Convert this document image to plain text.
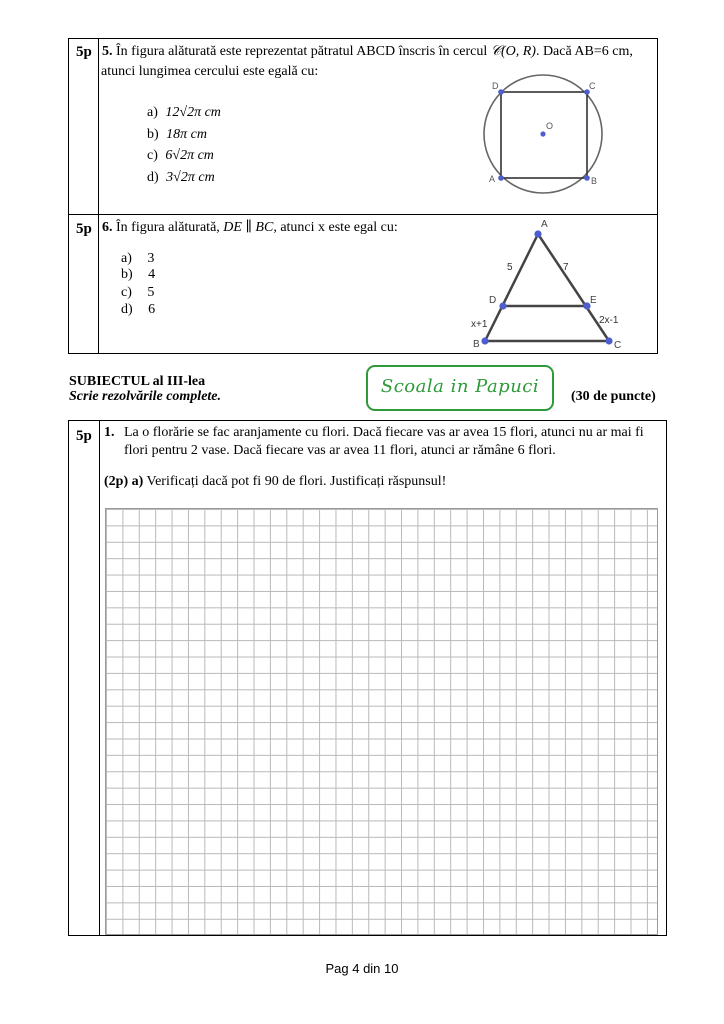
5p 5. În figura alăturată este reprezentat pătratul ABCD înscris în cercul 𝒞(O, R). Dacă AB=6 cm,
atunci lungimea cercului este egală cu:
a) 12√2π cm
b) 18π cm
c) 6√2π cm
d) 3√2π cm	A	B
C
D
O
5p 6. În figura alăturată, DE ∥ BC, atunci x este egal cu:
a) 3
b) 4
c) 5
d) 6
A
B	C
D	E
5	7
x+1	2x-1
SUBIECTUL al III-lea
Scrie rezolvările complete.	(30 de puncte)
Scoala in Papuci
5p 1. La o florărie se fac aranjamente cu flori. Dacă fiecare vas ar avea 15 flori, atunci nu ar mai fi
flori pentru 2 vase. Dacă fiecare vas ar avea 11 flori, atunci ar rămâne 6 flori.
(2p) a) Verificați dacă pot fi 90 de flori. Justificați răspunsul!
Pag 4 din 10
